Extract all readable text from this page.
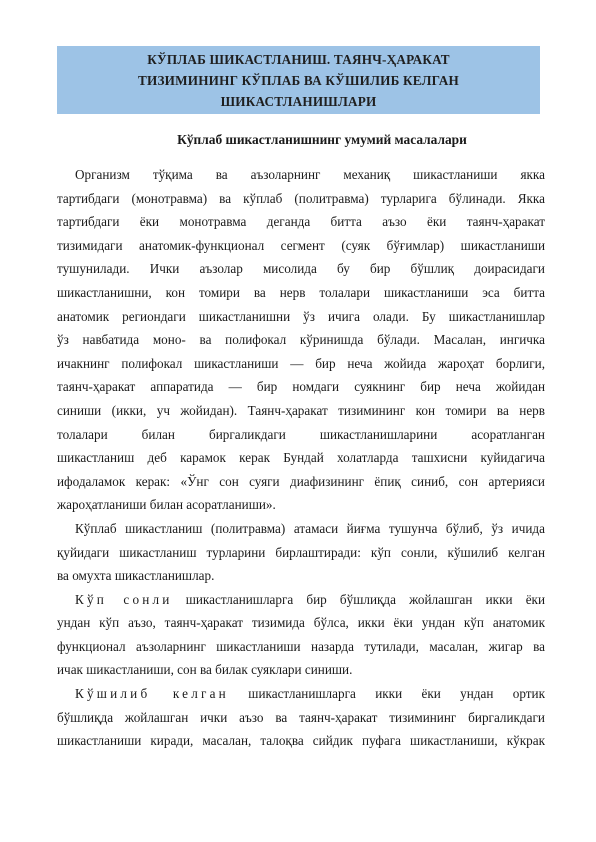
КЎПЛАБ ШИКАСТЛАНИШ. ТАЯНЧ-ҲАРАКАТ
ТИЗИМИНИНГ КЎПЛАБ ВА КЎШИЛИБ КЕЛГАН
ШИКАСТЛАНИШЛАРИ
Кўплаб шикастланишнинг умумий масалалари
Организм тўқима ва аъзоларнинг механиқ шикастланиши якка
тартибдаги (монотравма) ва кўплаб (политравма) турларига бўлинади. Якка
тартибдаги ёки монотравма деганда битта аъзо ёки таянч-ҳаракат
тизимидаги анатомик-функционал сегмент (суяк бўғимлар) шикастланиши
тушунилади. Ички аъзолар мисолида бу бир бўшлиқ доирасидаги
шикастланишни, кон томири ва нерв толалари шикастланиши эса битта
анатомик региондаги шикастланишни ўз ичига олади. Бу шикастланишлар
ўз навбатида моно- ва полифокал кўринишда бўлади. Масалан, ингичка
ичакнинг полифокал шикастланиши — бир неча жойида жароҳат борлиги,
таянч-ҳаракат аппаратида — бир номдаги суякнинг бир неча жойидан
синиши (икки, уч жойидан). Таянч-ҳаракат тизимининг кон томири ва нерв
толалари билан биргаликдаги шикастланишларини асоратланган
шикастланиш деб карамок керак Бундай холатларда ташхисни куйидагича
ифодаламок керак: «Ўнг сон суяги диафизининг ёпиқ синиб, сон артерияси
жароҳатланиши билан асоратланиши».
Кўплаб шикастланиш (политравма) атамаси йиғма тушунча бўлиб, ўз ичида
қуйидаги шикастланиш турларини бирлаштиради: кўп сонли, кўшилиб келган
ва омухта шикастланишлар.
Кўп сонли шикастланишларга бир бўшлиқда жойлашган икки ёки
ундан кўп аъзо, таянч-ҳаракат тизимида бўлса, икки ёки ундан кўп анатомик
функционал аъзоларнинг шикастланиши назарда тутилади, масалан, жигар ва
ичак шикастланиши, сон ва билак суяклари синиши.
Кўшилиб келган шикастланишларга икки ёки ундан ортик
бўшлиқда жойлашган ички аъзо ва таянч-ҳаракат тизимининг биргаликдаги
шикастланиши киради, масалан, талоқва сийдик пуфага шикастланиши, кўкрак
